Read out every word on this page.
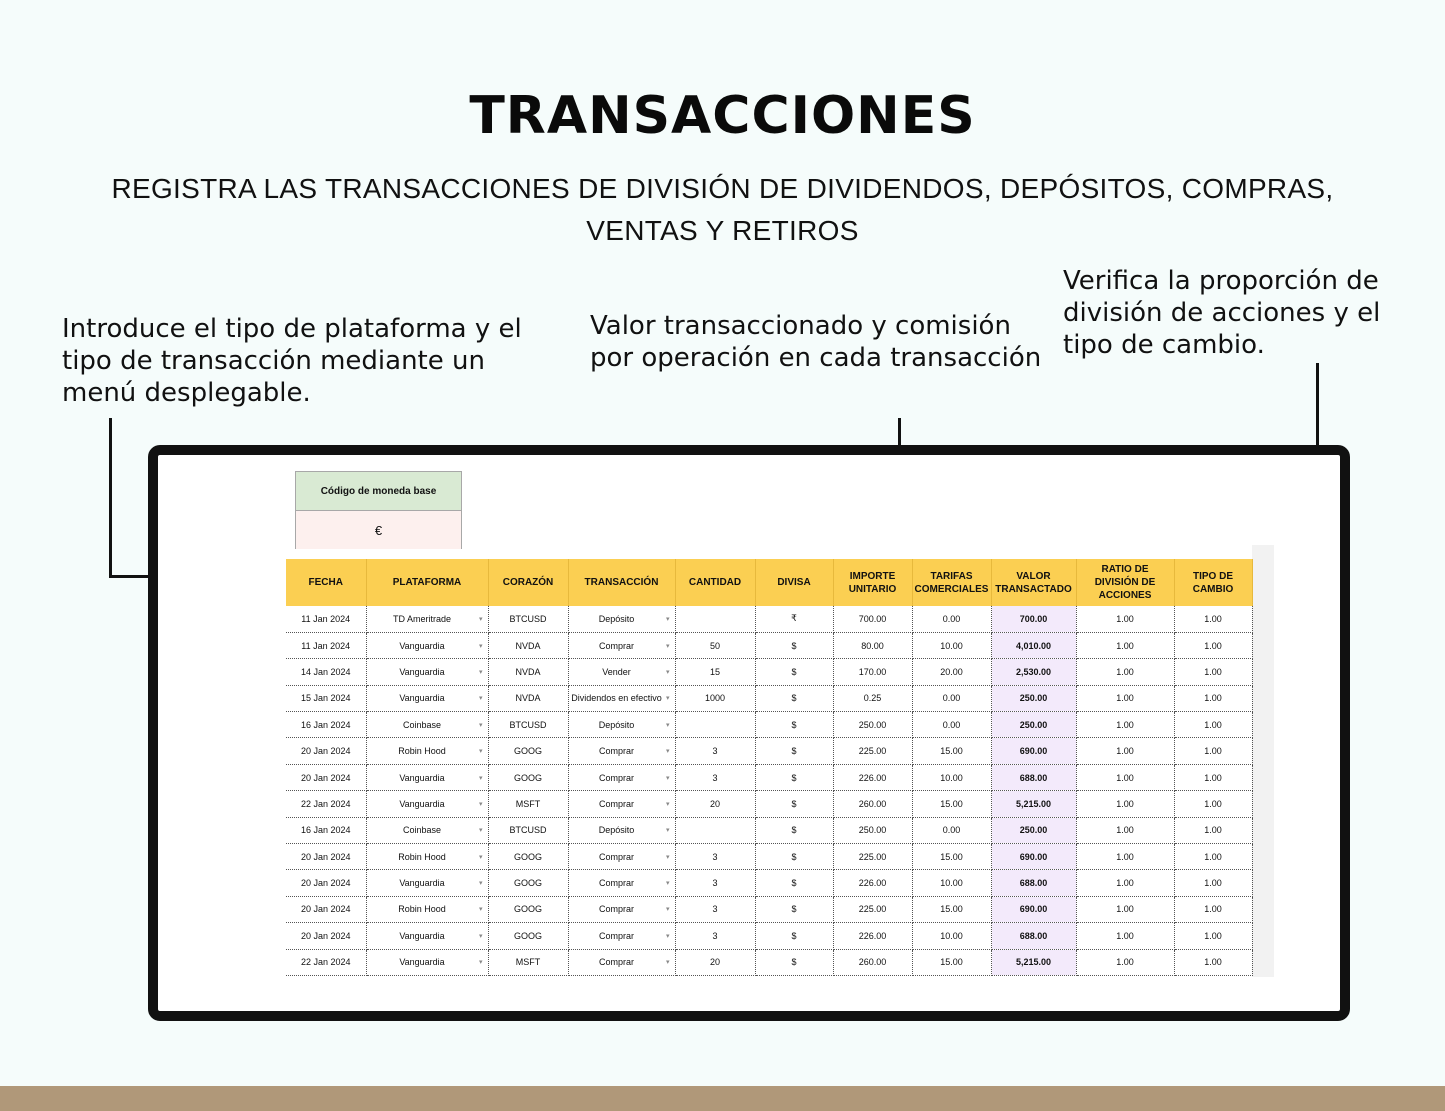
TRANSACCIONES
REGISTRA LAS TRANSACCIONES DE DIVISIÓN DE DIVIDENDOS, DEPÓSITOS, COMPRAS, VENTAS Y RETIROS
Introduce el tipo de plataforma y el tipo de transacción mediante un menú desplegable.
Valor transaccionado y comisión por operación en cada transacción
Verifica la proporción de división de acciones y el tipo de cambio.
Código de moneda base
€
FECHA	PLATAFORMA	CORAZÓN	TRANSACCIÓN	CANTIDAD	DIVISA	IMPORTE UNITARIO	TARIFAS COMERCIALES	VALOR TRANSACTADO	RATIO DE DIVISIÓN DE ACCIONES	TIPO DE CAMBIO
11 Jan 2024	TD Ameritrade ▾	BTCUSD	Depósito ▾		₹	700.00	0.00	700.00	1.00	1.00
11 Jan 2024	Vanguardia ▾	NVDA	Comprar ▾	50	$	80.00	10.00	4,010.00	1.00	1.00
14 Jan 2024	Vanguardia ▾	NVDA	Vender ▾	15	$	170.00	20.00	2,530.00	1.00	1.00
15 Jan 2024	Vanguardia ▾	NVDA	Dividendos en efectivo ▾	1000	$	0.25	0.00	250.00	1.00	1.00
16 Jan 2024	Coinbase ▾	BTCUSD	Depósito ▾		$	250.00	0.00	250.00	1.00	1.00
20 Jan 2024	Robin Hood ▾	GOOG	Comprar ▾	3	$	225.00	15.00	690.00	1.00	1.00
20 Jan 2024	Vanguardia ▾	GOOG	Comprar ▾	3	$	226.00	10.00	688.00	1.00	1.00
22 Jan 2024	Vanguardia ▾	MSFT	Comprar ▾	20	$	260.00	15.00	5,215.00	1.00	1.00
16 Jan 2024	Coinbase ▾	BTCUSD	Depósito ▾		$	250.00	0.00	250.00	1.00	1.00
20 Jan 2024	Robin Hood ▾	GOOG	Comprar ▾	3	$	225.00	15.00	690.00	1.00	1.00
20 Jan 2024	Vanguardia ▾	GOOG	Comprar ▾	3	$	226.00	10.00	688.00	1.00	1.00
20 Jan 2024	Robin Hood ▾	GOOG	Comprar ▾	3	$	225.00	15.00	690.00	1.00	1.00
20 Jan 2024	Vanguardia ▾	GOOG	Comprar ▾	3	$	226.00	10.00	688.00	1.00	1.00
22 Jan 2024	Vanguardia ▾	MSFT	Comprar ▾	20	$	260.00	15.00	5,215.00	1.00	1.00
